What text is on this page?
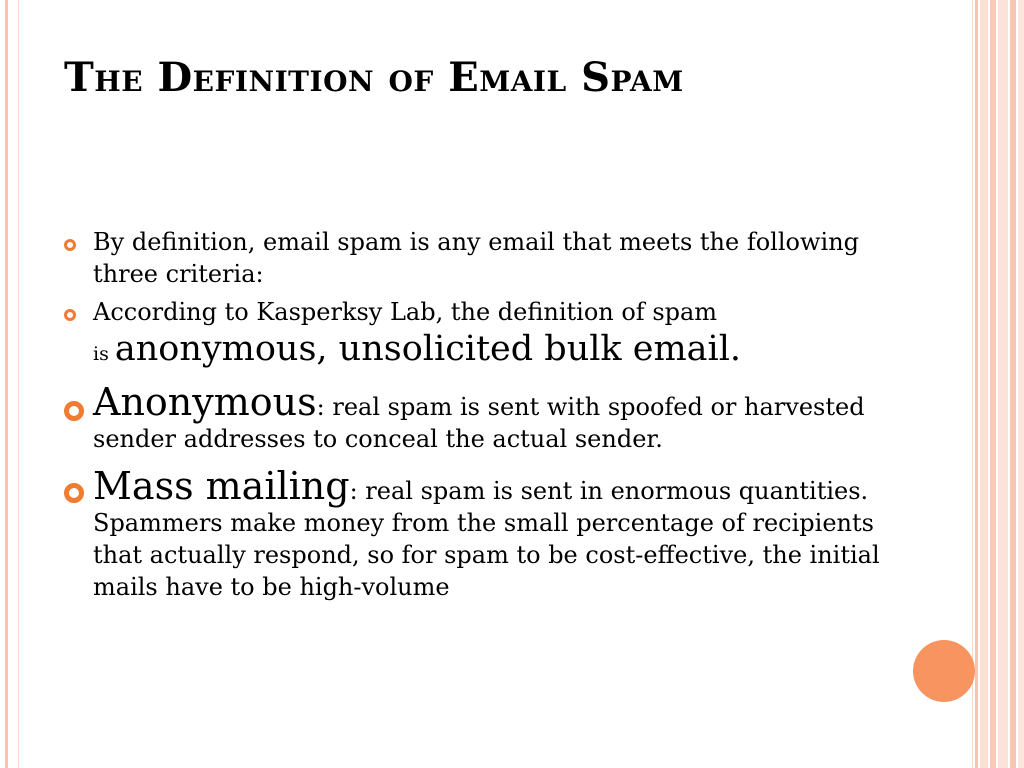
The Definition of Email Spam
By definition, email spam is any email that meets the following three criteria:
According to Kasperksy Lab, the definition of spam
is anonymous, unsolicited bulk email.
Anonymous: real spam is sent with spoofed or harvested sender addresses to conceal the actual sender.
Mass mailing: real spam is sent in enormous quantities. Spammers make money from the small percentage of recipients that actually respond, so for spam to be cost-effective, the initial mails have to be high-volume
